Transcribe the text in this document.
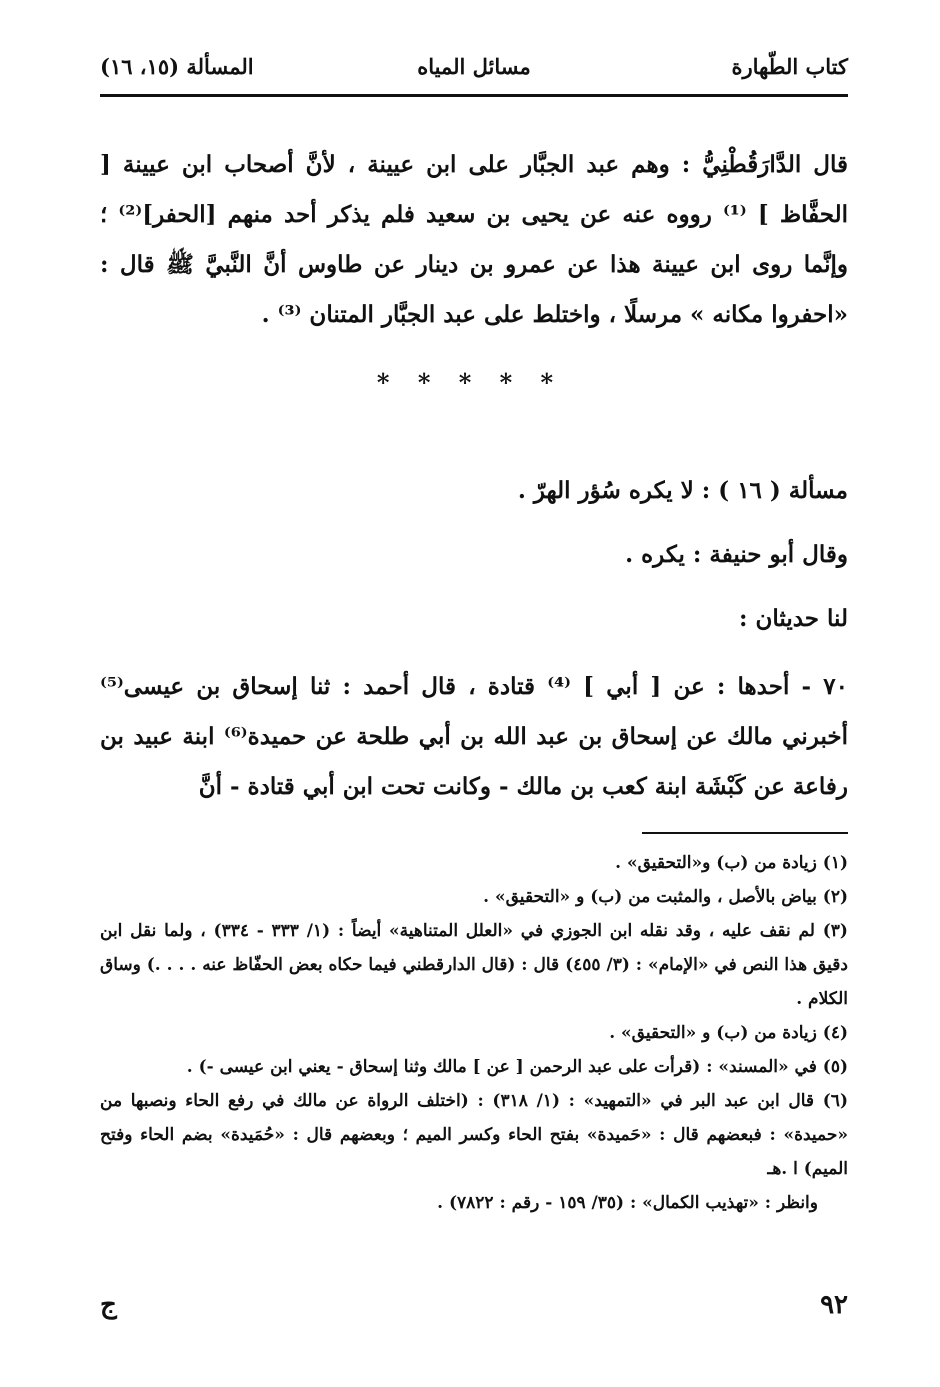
كتاب الطّهارة
مسائل المياه
المسألة (١٥، ١٦)
قال الدَّارَقُطْنِيُّ : وهم عبد الجبَّار على ابن عيينة ، لأنَّ أصحاب ابن عيينة [ الحفَّاظ ] ⁽¹⁾ رووه عنه عن يحيى بن سعيد فلم يذكر أحد منهم [الحفر]⁽²⁾ ؛ وإنَّما روى ابن عيينة هذا عن عمرو بن دينار عن طاوس أنَّ النَّبيَّ ﷺ قال : «احفروا مكانه » مرسلًا ، واختلط على عبد الجبَّار المتنان ⁽³⁾ .
* * * * *
مسألة ( ١٦ ) : لا يكره سُؤر الهرّ .
وقال أبو حنيفة : يكره .
لنا حديثان :
٧٠ - أحدها : عن [ أبي ] ⁽⁴⁾ قتادة ، قال أحمد : ثنا إسحاق بن عيسى⁽⁵⁾ أخبرني مالك عن إسحاق بن عبد الله بن أبي طلحة عن حميدة⁽⁶⁾ ابنة عبيد بن رفاعة عن كَبْشَة ابنة كعب بن مالك - وكانت تحت ابن أبي قتادة - أنَّ

(١) زيادة من (ب) و«التحقيق» .

(٢) بياض بالأصل ، والمثبت من (ب) و «التحقيق» .

(٣) لم نقف عليه ، وقد نقله ابن الجوزي في «العلل المتناهية» أيضاً : (١/ ٣٣٣ - ٣٣٤) ، ولما نقل ابن دقيق هذا النص في «الإمام» : (٣/ ٤٥٥) قال : (قال الدارقطني فيما حكاه بعض الحفّاظ عنه . . . .) وساق الكلام .

(٤) زيادة من (ب) و «التحقيق» .

(٥) في «المسند» : (قرأت على عبد الرحمن [ عن ] مالك وثنا إسحاق - يعني ابن عيسى -) .

(٦) قال ابن عبد البر في «التمهيد» : (١/ ٣١٨) : (اختلف الرواة عن مالك في رفع الحاء ونصبها من «حميدة» : فبعضهم قال : «حَميدة» بفتح الحاء وكسر الميم ؛ وبعضهم قال : «حُمَيدة» بضم الحاء وفتح الميم) ا .هـ

وانظر : «تهذيب الكمال» : (٣٥/ ١٥٩ - رقم : ٧٨٢٢) .

٩٢
ج
